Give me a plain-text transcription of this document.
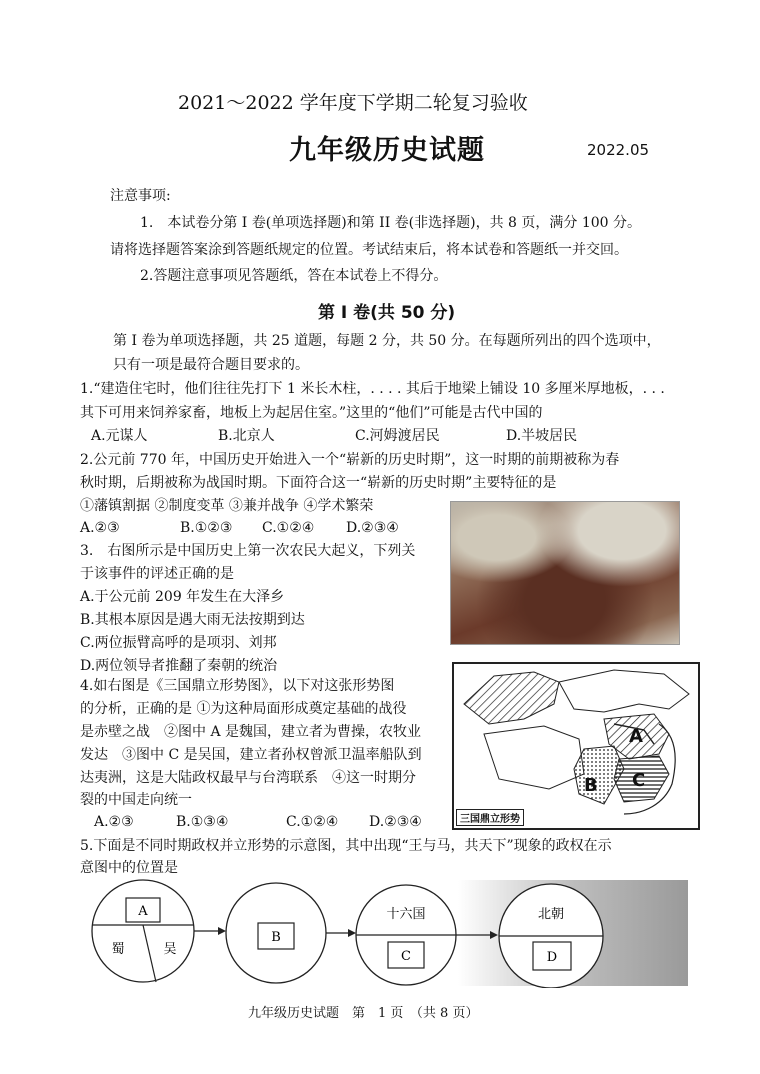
2021～2022 学年度下学期二轮复习验收
九年级历史试题	2022.05
注意事项:
1.　本试卷分第 I 卷(单项选择题)和第 II 卷(非选择题)，共 8 页，满分 100 分。
请将选择题答案涂到答题纸规定的位置。考试结束后，将本试卷和答题纸一并交回。
2.答题注意事项见答题纸，答在本试卷上不得分。
第 I 卷(共 50 分)
第 I 卷为单项选择题，共 25 道题，每题 2 分，共 50 分。在每题所列出的四个选项中，
只有一项是最符合题目要求的。
1.“建造住宅时，他们往往先打下 1 米长木柱，. . . . 其后于地梁上铺设 10 多厘米厚地板，. . .
其下可用来饲养家畜，地板上为起居住室。”这里的“他们”可能是古代中国的
A.元谋人	B.北京人	C.河姆渡居民	D.半坡居民
2.公元前 770 年，中国历史开始进入一个“崭新的历史时期”，这一时期的前期被称为春
秋时期，后期被称为战国时期。下面符合这一“崭新的历史时期”主要特征的是
①藩镇割据 ②制度变革 ③兼并战争 ④学术繁荣
A.②③	B.①②③ C.①②④ D.②③④
3.　右图所示是中国历史上第一次农民大起义，下列关
于该事件的评述正确的是
A.于公元前 209 年发生在大泽乡
B.其根本原因是遇大雨无法按期到达
C.两位振臂高呼的是项羽、刘邦
D.两位领导者推翻了秦朝的统治
A
B C
三国鼎立形势
4.如右图是《三国鼎立形势图》，以下对这张形势图
的分析，正确的是 ①为这种局面形成奠定基础的战役
是赤壁之战　②图中 A 是魏国，建立者为曹操，农牧业
发达　③图中 C 是吴国，建立者孙权曾派卫温率船队到
达夷洲，这是大陆政权最早与台湾联系　④这一时期分
裂的中国走向统一
A.②③	B.①③④	C.①②④ D.②③④
5.下面是不同时期政权并立形势的示意图，其中出现“王与马，共天下”现象的政权在示
意图中的位置是
A
蜀	吴
B
十六国
C
北朝
D
九年级历史试题　第　1 页　（共 8 页）
